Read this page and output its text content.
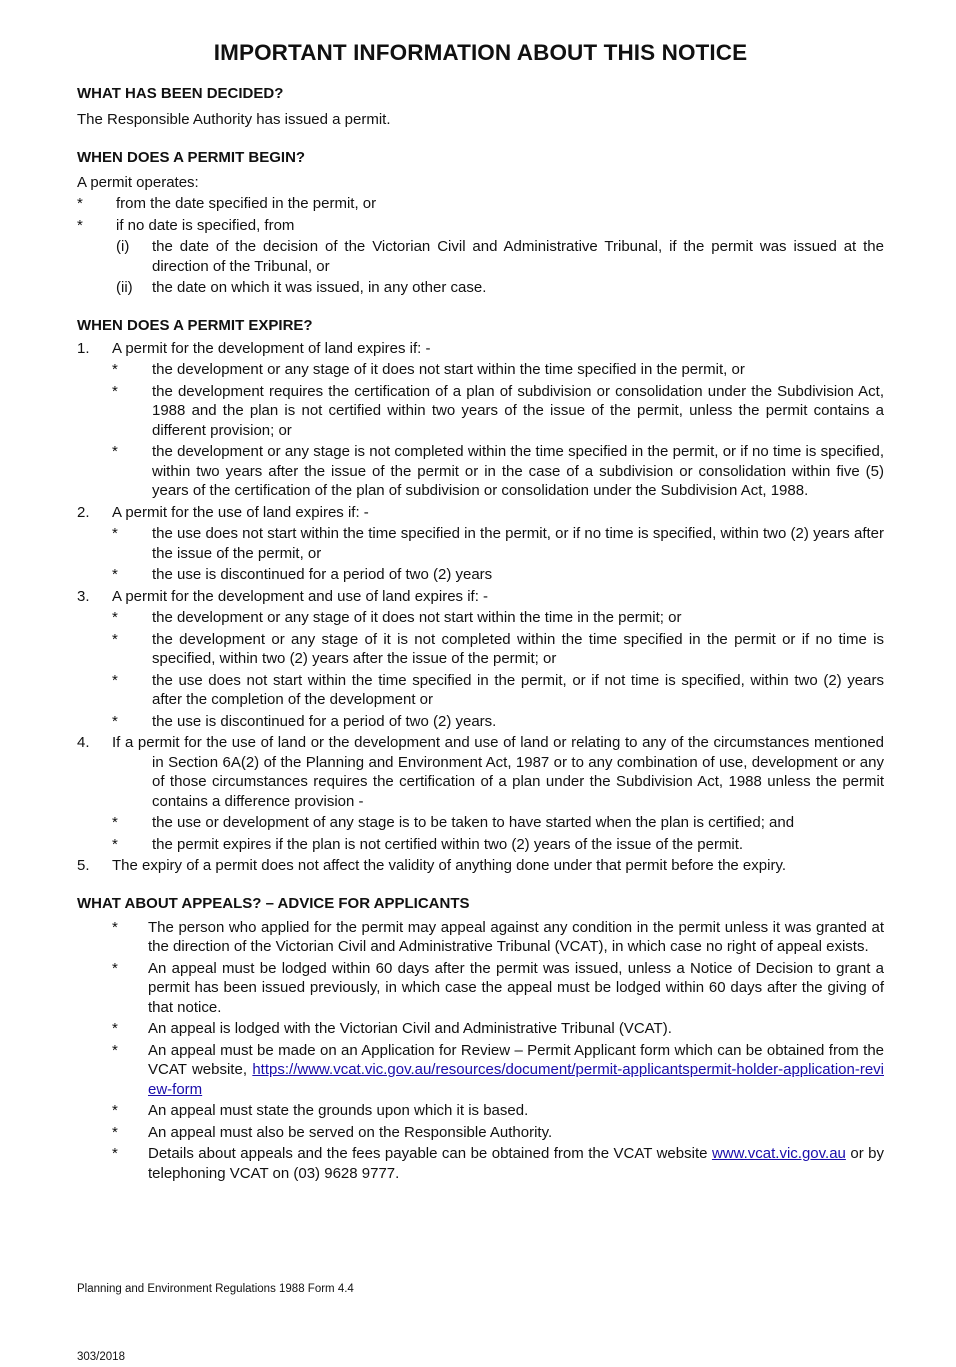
IMPORTANT INFORMATION ABOUT THIS NOTICE
WHAT HAS BEEN DECIDED?

The Responsible Authority has issued a permit.

WHEN DOES A PERMIT BEGIN?

A permit operates:

*	from the date specified in the permit, or
*	if no date is specified, from
(i)	the date of the decision of the Victorian Civil and Administrative Tribunal, if the permit was issued at the direction of the Tribunal, or
(ii)	the date on which it was issued, in any other case.
WHEN DOES A PERMIT EXPIRE?
1.	A permit for the development of land expires if: -
*	the development or any stage of it does not start within the time specified in the permit, or
*	the development requires the certification of a plan of subdivision or consolidation under the Subdivision Act, 1988 and the plan is not certified within two years of the issue of the permit, unless the permit contains a different provision; or
*	the development or any stage is not completed within the time specified in the permit, or if no time is specified, within two years after the issue of the permit or in the case of a subdivision or consolidation within five (5) years of the certification of the plan of subdivision or consolidation under the Subdivision Act, 1988.
2.	A permit for the use of land expires if: -
*	the use does not start within the time specified in the permit, or if no time is specified, within two (2) years after the issue of the permit, or
*	the use is discontinued for a period of two (2) years
3.	A permit for the development and use of land expires if: -
*	the development or any stage of it does not start within the time in the permit; or
*	the development or any stage of it is not completed within the time specified in the permit or if no time is specified, within two (2) years after the issue of the permit; or
*	the use does not start within the time specified in the permit, or if not time is specified, within two (2) years after the completion of the development or
*	the use is discontinued for a period of two (2) years.
4.	If a permit for the use of land or the development and use of land or relating to any of the circumstances mentioned in Section 6A(2) of the Planning and Environment Act, 1987 or to any combination of use, development or any of those circumstances requires the certification of a plan under the Subdivision Act, 1988 unless the permit contains a difference provision -
*	the use or development of any stage is to be taken to have started when the plan is certified; and
*	the permit expires if the plan is not certified within two (2) years of the issue of the permit.
5.	The expiry of a permit does not affect the validity of anything done under that permit before the expiry.
WHAT ABOUT APPEALS? – ADVICE FOR APPLICANTS
*	The person who applied for the permit may appeal against any condition in the permit unless it was granted at the direction of the Victorian Civil and Administrative Tribunal (VCAT), in which case no right of appeal exists.
*	An appeal must be lodged within 60 days after the permit was issued, unless a Notice of Decision to grant a permit has been issued previously, in which case the appeal must be lodged within 60 days after the giving of that notice.
*	An appeal is lodged with the Victorian Civil and Administrative Tribunal (VCAT).
*	An appeal must be made on an Application for Review – Permit Applicant form which can be obtained from the VCAT website, https://www.vcat.vic.gov.au/resources/document/permit-applicantspermit-holder-application-review-form
*	An appeal must state the grounds upon which it is based.
*	An appeal must also be served on the Responsible Authority.
*	Details about appeals and the fees payable can be obtained from the VCAT website www.vcat.vic.gov.au or by telephoning VCAT on (03) 9628 9777.
Planning and Environment Regulations 1988 Form 4.4
303/2018
